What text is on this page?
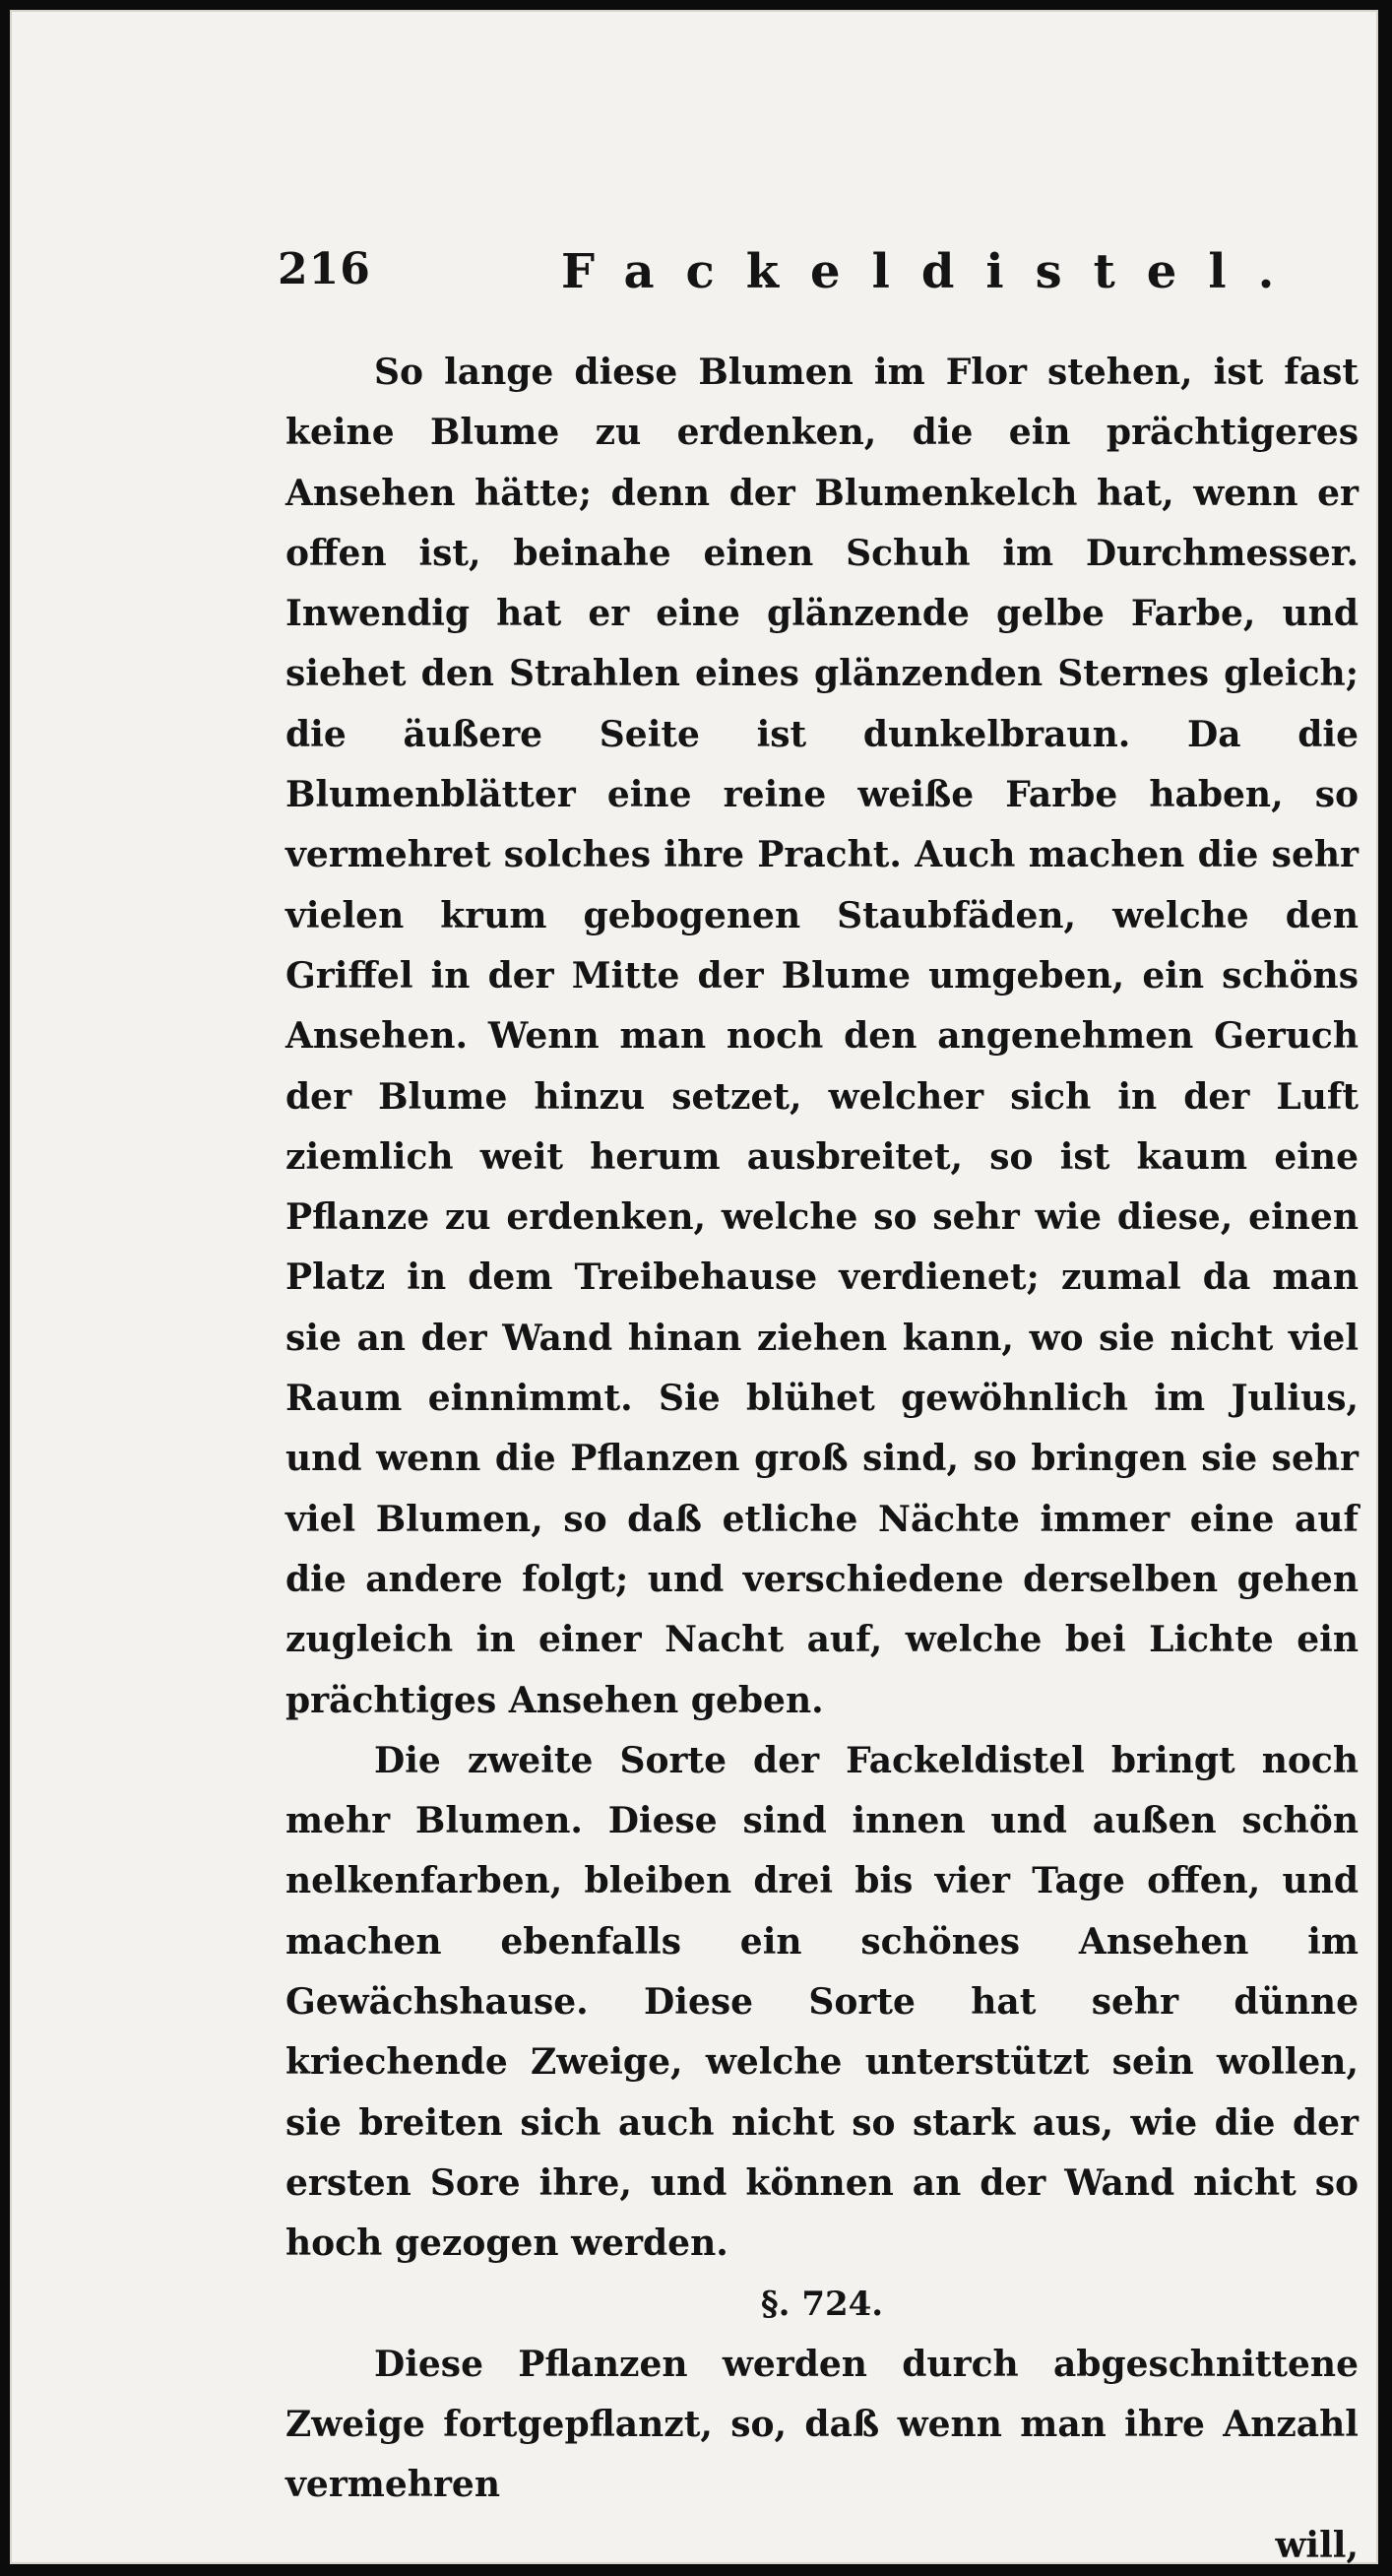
216	Fackeldistel.

So lange diese Blumen im Flor stehen, ist fast keine Blume zu erdenken, die ein prächtigeres Ansehen hätte; denn der Blumenkelch hat, wenn er offen ist, beinahe einen Schuh im Durchmesser. Inwendig hat er eine glänzende gelbe Farbe, und siehet den Strahlen eines glänzenden Sternes gleich; die äußere Seite ist dunkelbraun. Da die Blumenblätter eine reine weiße Farbe haben, so vermehret solches ihre Pracht. Auch machen die sehr vielen krum gebogenen Staubfäden, welche den Griffel in der Mitte der Blume umgeben, ein schöns Ansehen. Wenn man noch den angenehmen Geruch der Blume hinzu setzet, welcher sich in der Luft ziemlich weit herum ausbreitet, so ist kaum eine Pflanze zu erdenken, welche so sehr wie diese, einen Platz in dem Treibehause verdienet; zumal da man sie an der Wand hinan ziehen kann, wo sie nicht viel Raum einnimmt. Sie blühet gewöhnlich im Julius, und wenn die Pflanzen groß sind, so bringen sie sehr viel Blumen, so daß etliche Nächte immer eine auf die andere folgt; und verschiedene derselben gehen zugleich in einer Nacht auf, welche bei Lichte ein prächtiges Ansehen geben.

Die zweite Sorte der Fackeldistel bringt noch mehr Blumen. Diese sind innen und außen schön nelkenfarben, bleiben drei bis vier Tage offen, und machen ebenfalls ein schönes Ansehen im Gewächshause. Diese Sorte hat sehr dünne kriechende Zweige, welche unterstützt sein wollen, sie breiten sich auch nicht so stark aus, wie die der ersten Sore ihre, und können an der Wand nicht so hoch gezogen werden.

§. 724.

Diese Pflanzen werden durch abgeschnittene Zweige fortgepflanzt, so, daß wenn man ihre Anzahl vermehren

will,
